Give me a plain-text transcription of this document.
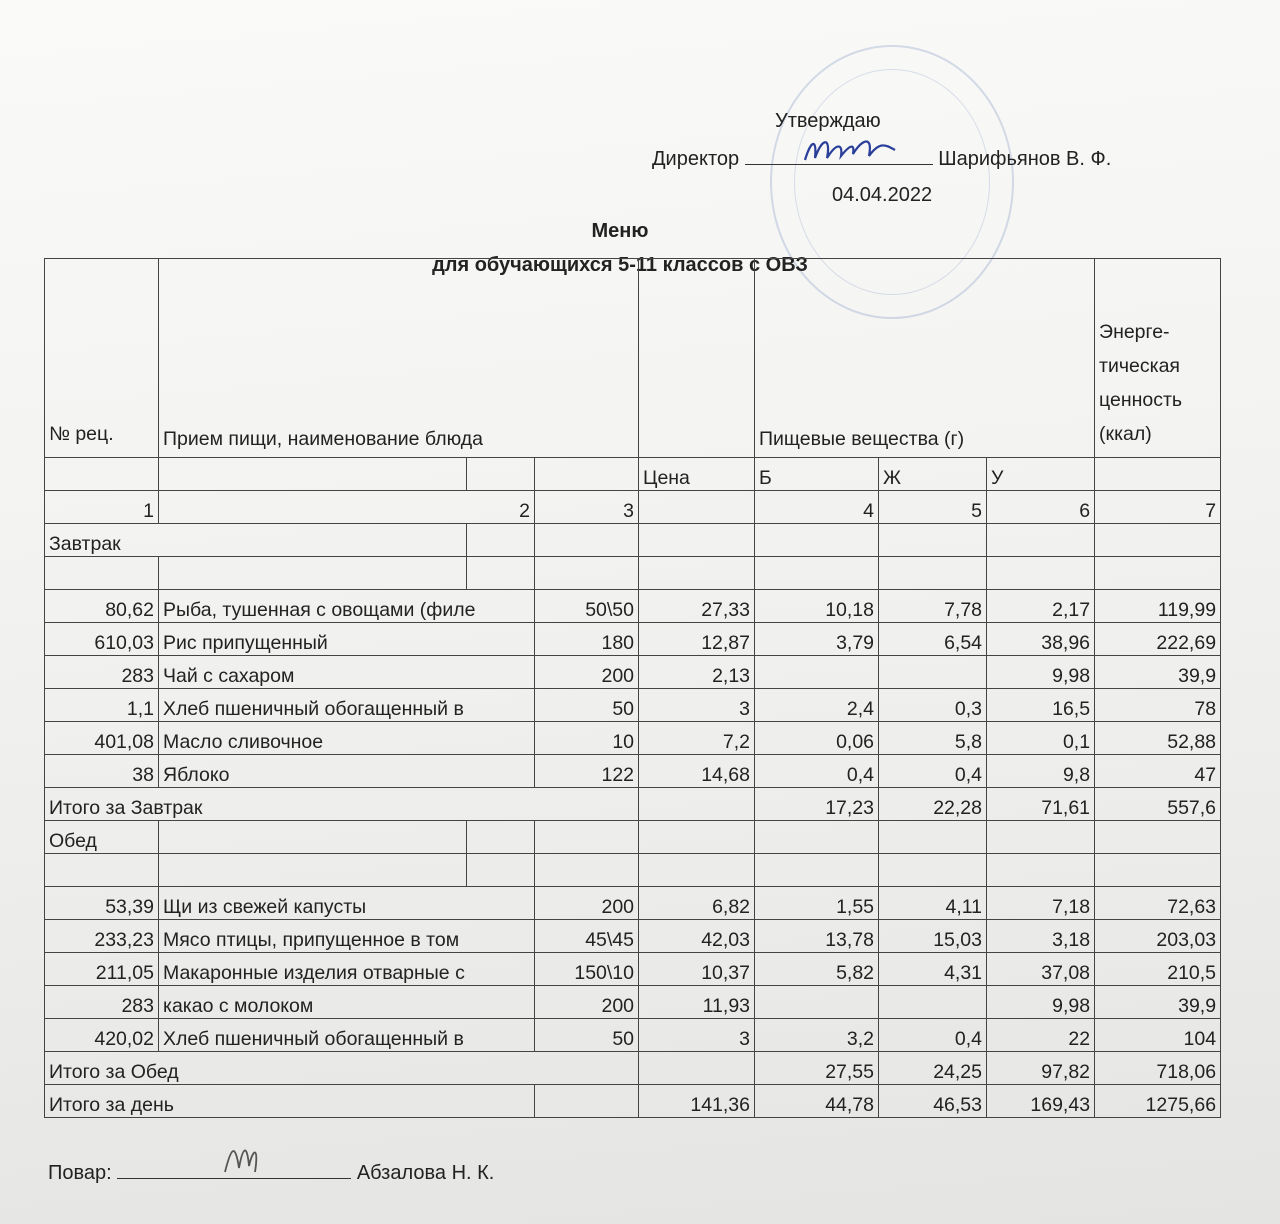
Утверждаю
Директор	Шарифьянов В. Ф.
04.04.2022
Меню
для обучающихся 5-11 классов с ОВЗ
№ рец.	Прием пищи, наименование блюда				Пищевые вещества (г)			Энерге-тическая ценность (ккал)
				Цена	Б	Ж	У	
1	2		3		4	5	6	7
Завтрак								

80,62	Рыба, тушенная с овощами (филе		50\50	27,33	10,18	7,78	2,17	119,99
610,03	Рис припущенный		180	12,87	3,79	6,54	38,96	222,69
283	Чай с сахаром		200	2,13			9,98	39,9
1,1	Хлеб пшеничный обогащенный в		50	3	2,4	0,3	16,5	78
401,08	Масло сливочное		10	7,2	0,06	5,8	0,1	52,88
38	Яблоко		122	14,68	0,4	0,4	9,8	47
Итого за Завтрак					17,23	22,28	71,61	557,6
Обед								

53,39	Щи из свежей капусты		200	6,82	1,55	4,11	7,18	72,63
233,23	Мясо птицы, припущенное в том		45\45	42,03	13,78	15,03	3,18	203,03
211,05	Макаронные изделия отварные с		150\10	10,37	5,82	4,31	37,08	210,5
283	какао с молоком		200	11,93			9,98	39,9
420,02	Хлеб пшеничный обогащенный в		50	3	3,2	0,4	22	104
Итого за Обед					27,55	24,25	97,82	718,06
Итого за день				141,36	44,78	46,53	169,43	1275,66
Повар:	Абзалова Н. К.
